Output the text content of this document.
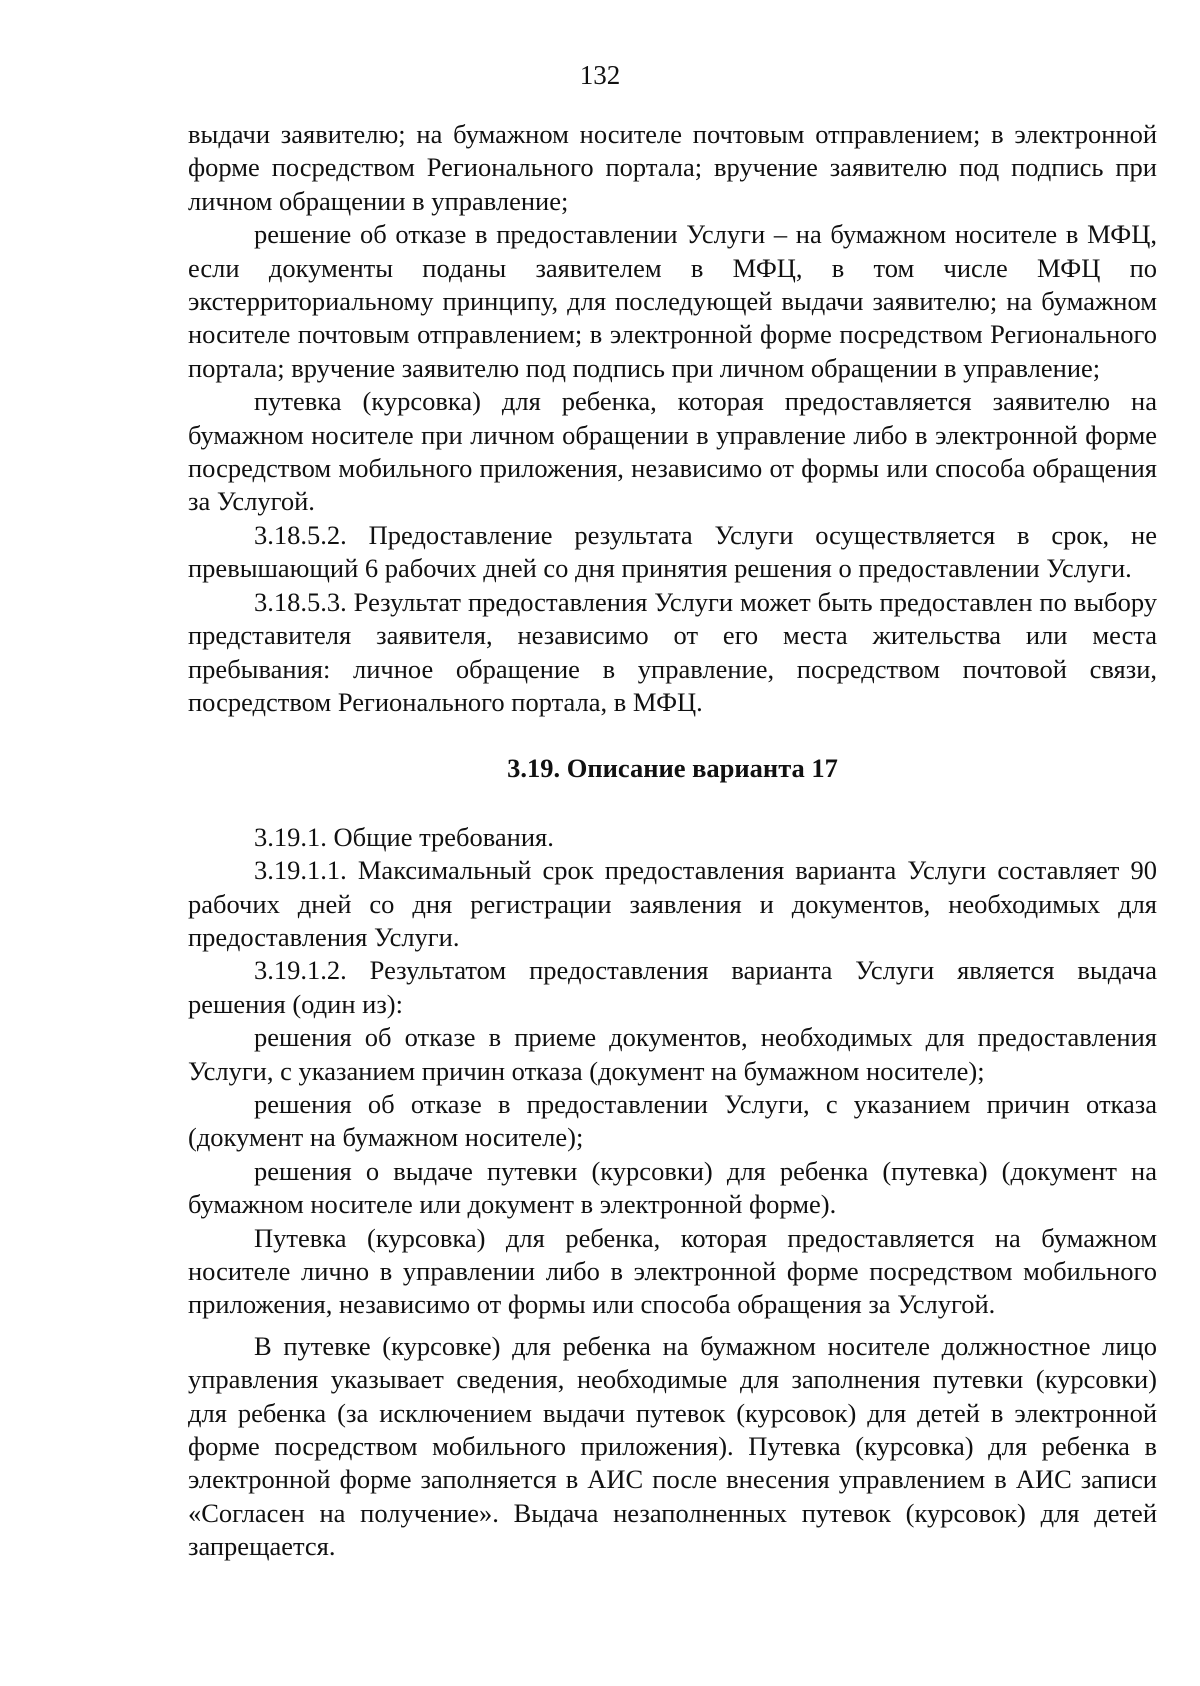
132

выдачи заявителю; на бумажном носителе почтовым отправлением; в электронной форме посредством Регионального портала; вручение заявителю под подпись при личном обращении в управление;

решение об отказе в предоставлении Услуги – на бумажном носителе в МФЦ, если документы поданы заявителем в МФЦ, в том числе МФЦ по экстерриториальному принципу, для последующей выдачи заявителю; на бумажном носителе почтовым отправлением; в электронной форме посредством Регионального портала; вручение заявителю под подпись при личном обращении в управление;

путевка (курсовка) для ребенка, которая предоставляется заявителю на бумажном носителе при личном обращении в управление либо в электронной форме посредством мобильного приложения, независимо от формы или способа обращения за Услугой.

3.18.5.2. Предоставление результата Услуги осуществляется в срок, не превышающий 6 рабочих дней со дня принятия решения о предоставлении Услуги.

3.18.5.3. Результат предоставления Услуги может быть предоставлен по выбору представителя заявителя, независимо от его места жительства или места пребывания: личное обращение в управление, посредством почтовой связи, посредством Регионального портала, в МФЦ.

3.19. Описание варианта 17

3.19.1. Общие требования.

3.19.1.1. Максимальный срок предоставления варианта Услуги составляет 90 рабочих дней со дня регистрации заявления и документов, необходимых для предоставления Услуги.

3.19.1.2. Результатом предоставления варианта Услуги является выдача решения (один из):

решения об отказе в приеме документов, необходимых для предоставления Услуги, с указанием причин отказа (документ на бумажном носителе);

решения об отказе в предоставлении Услуги, с указанием причин отказа (документ на бумажном носителе);

решения о выдаче путевки (курсовки) для ребенка (путевка) (документ на бумажном носителе или документ в электронной форме).

Путевка (курсовка) для ребенка, которая предоставляется на бумажном носителе лично в управлении либо в электронной форме посредством мобильного приложения, независимо от формы или способа обращения за Услугой.

В путевке (курсовке) для ребенка на бумажном носителе должностное лицо управления указывает сведения, необходимые для заполнения путевки (курсовки) для ребенка (за исключением выдачи путевок (курсовок) для детей в электронной форме посредством мобильного приложения). Путевка (курсовка) для ребенка в электронной форме заполняется в АИС после внесения управлением в АИС записи «Согласен на получение». Выдача незаполненных путевок (курсовок) для детей запрещается.
